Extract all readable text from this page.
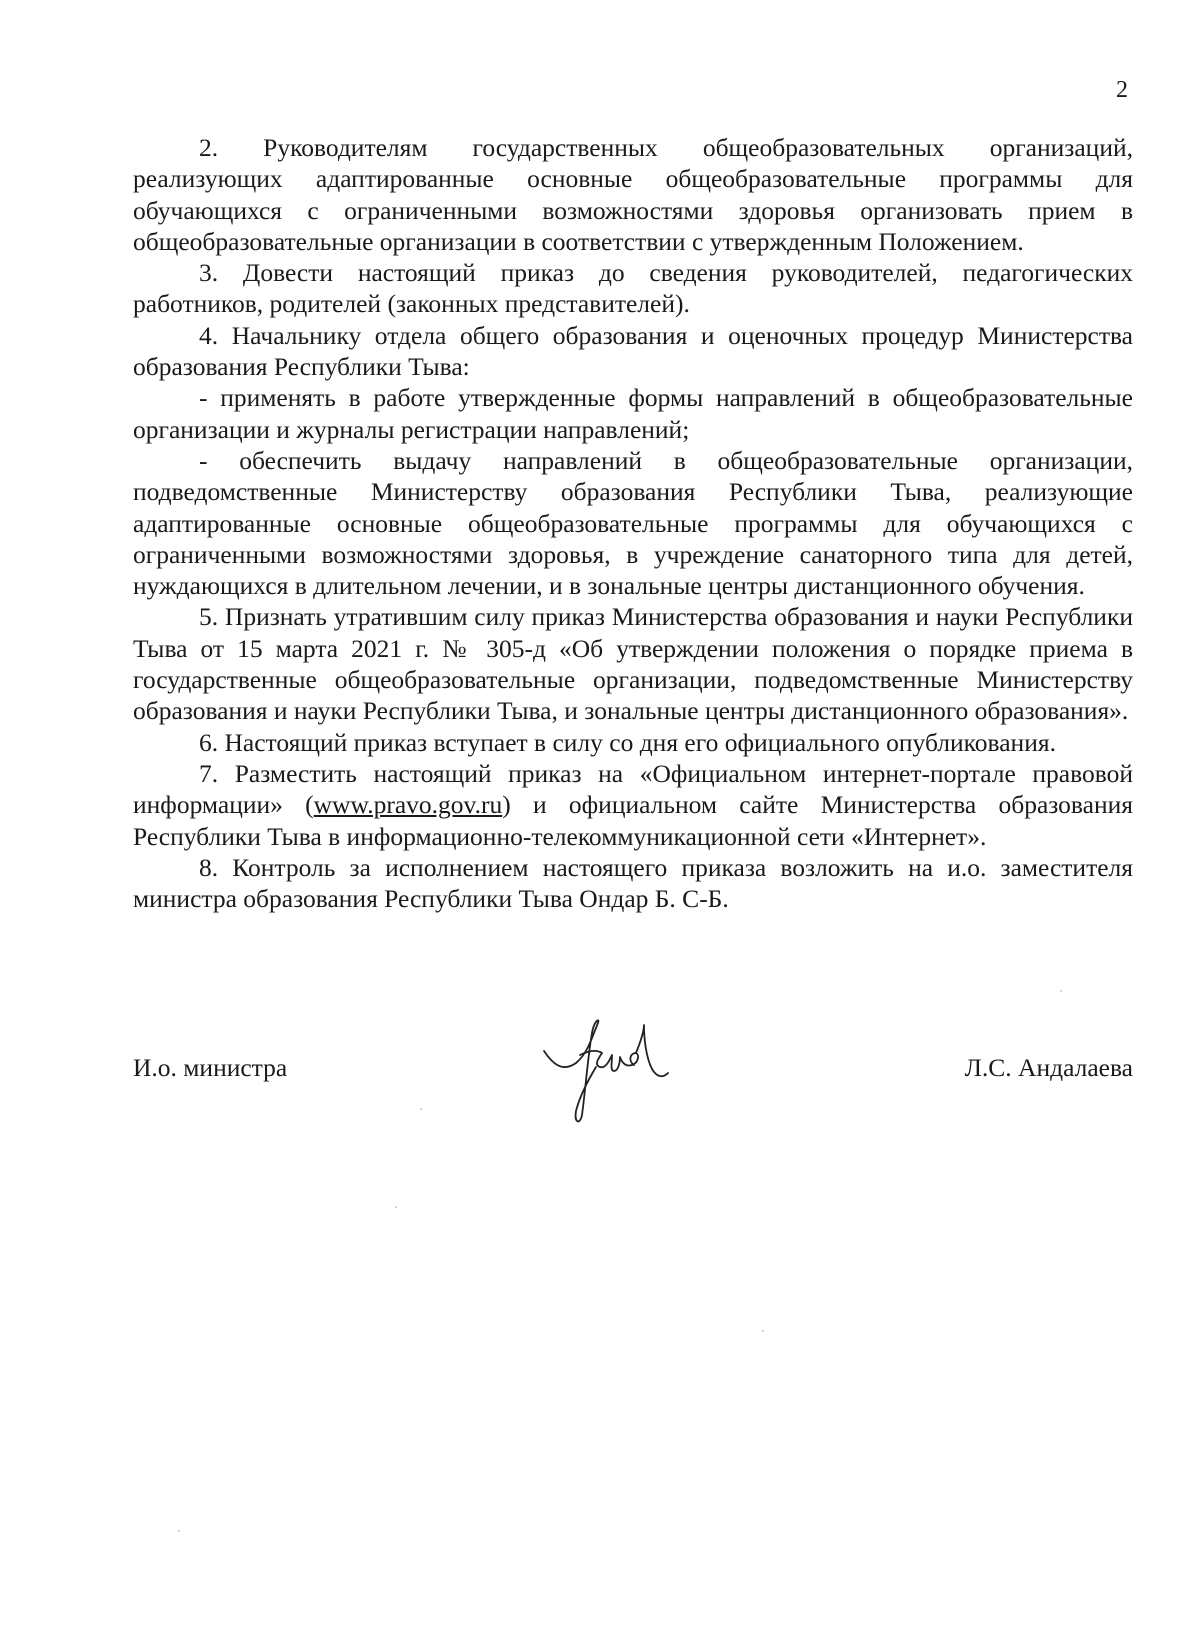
2

2. Руководителям государственных общеобразовательных организаций, реализующих адаптированные основные общеобразовательные программы для обучающихся с ограниченными возможностями здоровья организовать прием в общеобразовательные организации в соответствии с утвержденным Положением.

3. Довести настоящий приказ до сведения руководителей, педагогических работников, родителей (законных представителей).

4. Начальнику отдела общего образования и оценочных процедур Министерства образования Республики Тыва:

- применять в работе утвержденные формы направлений в общеобразовательные организации и журналы регистрации направлений;

- обеспечить выдачу направлений в общеобразовательные организации, подведомственные Министерству образования Республики Тыва, реализующие адаптированные основные общеобразовательные программы для обучающихся с ограниченными возможностями здоровья, в учреждение санаторного типа для детей, нуждающихся в длительном лечении, и в зональные центры дистанционного обучения.

5. Признать утратившим силу приказ Министерства образования и науки Республики Тыва от 15 марта 2021 г. № 305-д «Об утверждении положения о порядке приема в государственные общеобразовательные организации, подведомственные Министерству образования и науки Республики Тыва, и зональные центры дистанционного образования».

6. Настоящий приказ вступает в силу со дня его официального опубликования.

7. Разместить настоящий приказ на «Официальном интернет-портале правовой информации» (www.pravo.gov.ru) и официальном сайте Министерства образования Республики Тыва в информационно-телекоммуникационной сети «Интернет».

8. Контроль за исполнением настоящего приказа возложить на и.о. заместителя министра образования Республики Тыва Ондар Б. С-Б.

И.о. министра	Л.С. Андалаева
